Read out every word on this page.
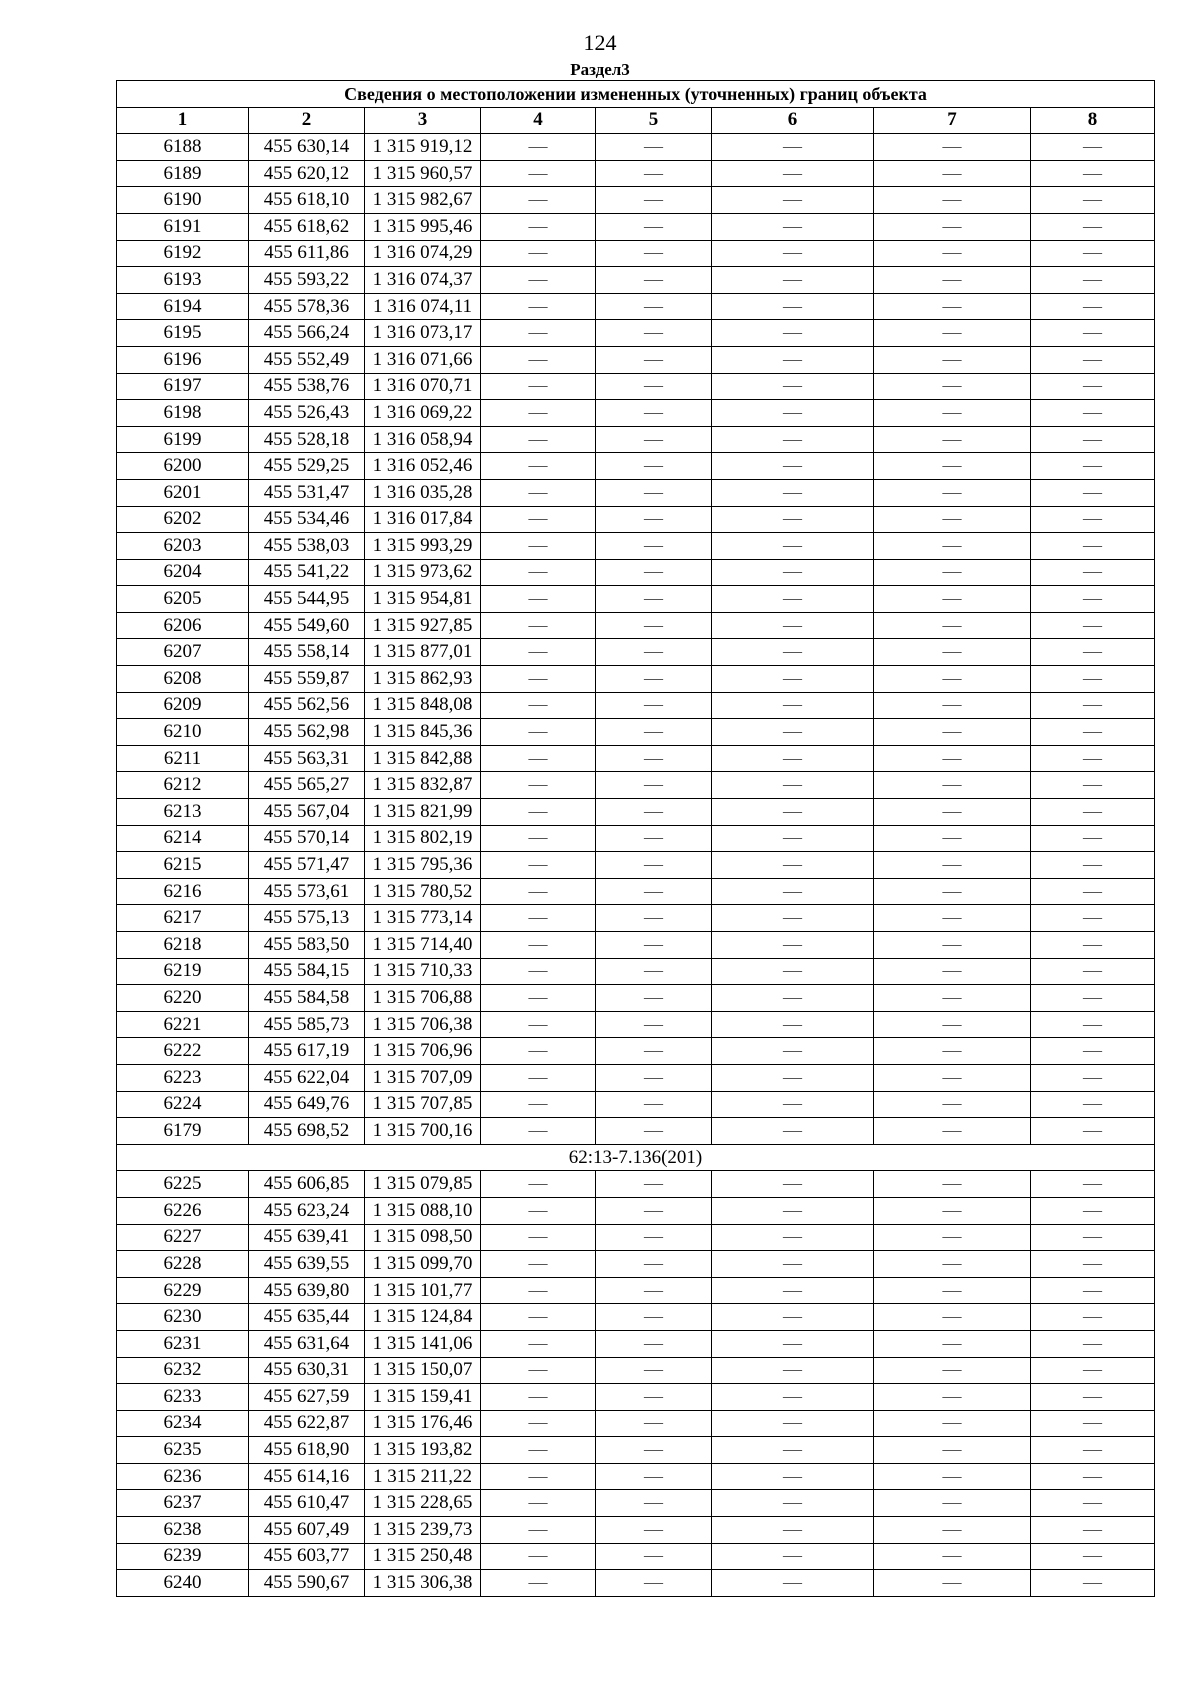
124
Раздел3
Сведения о местоположении измененных (уточненных) границ объекта							
1	2	3	4	5	6	7	8
6188	455 630,14	1 315 919,12	—	—	—	—	—
6189	455 620,12	1 315 960,57	—	—	—	—	—
6190	455 618,10	1 315 982,67	—	—	—	—	—
6191	455 618,62	1 315 995,46	—	—	—	—	—
6192	455 611,86	1 316 074,29	—	—	—	—	—
6193	455 593,22	1 316 074,37	—	—	—	—	—
6194	455 578,36	1 316 074,11	—	—	—	—	—
6195	455 566,24	1 316 073,17	—	—	—	—	—
6196	455 552,49	1 316 071,66	—	—	—	—	—
6197	455 538,76	1 316 070,71	—	—	—	—	—
6198	455 526,43	1 316 069,22	—	—	—	—	—
6199	455 528,18	1 316 058,94	—	—	—	—	—
6200	455 529,25	1 316 052,46	—	—	—	—	—
6201	455 531,47	1 316 035,28	—	—	—	—	—
6202	455 534,46	1 316 017,84	—	—	—	—	—
6203	455 538,03	1 315 993,29	—	—	—	—	—
6204	455 541,22	1 315 973,62	—	—	—	—	—
6205	455 544,95	1 315 954,81	—	—	—	—	—
6206	455 549,60	1 315 927,85	—	—	—	—	—
6207	455 558,14	1 315 877,01	—	—	—	—	—
6208	455 559,87	1 315 862,93	—	—	—	—	—
6209	455 562,56	1 315 848,08	—	—	—	—	—
6210	455 562,98	1 315 845,36	—	—	—	—	—
6211	455 563,31	1 315 842,88	—	—	—	—	—
6212	455 565,27	1 315 832,87	—	—	—	—	—
6213	455 567,04	1 315 821,99	—	—	—	—	—
6214	455 570,14	1 315 802,19	—	—	—	—	—
6215	455 571,47	1 315 795,36	—	—	—	—	—
6216	455 573,61	1 315 780,52	—	—	—	—	—
6217	455 575,13	1 315 773,14	—	—	—	—	—
6218	455 583,50	1 315 714,40	—	—	—	—	—
6219	455 584,15	1 315 710,33	—	—	—	—	—
6220	455 584,58	1 315 706,88	—	—	—	—	—
6221	455 585,73	1 315 706,38	—	—	—	—	—
6222	455 617,19	1 315 706,96	—	—	—	—	—
6223	455 622,04	1 315 707,09	—	—	—	—	—
6224	455 649,76	1 315 707,85	—	—	—	—	—
6179	455 698,52	1 315 700,16	—	—	—	—	—
62:13-7.136(201)							
6225	455 606,85	1 315 079,85	—	—	—	—	—
6226	455 623,24	1 315 088,10	—	—	—	—	—
6227	455 639,41	1 315 098,50	—	—	—	—	—
6228	455 639,55	1 315 099,70	—	—	—	—	—
6229	455 639,80	1 315 101,77	—	—	—	—	—
6230	455 635,44	1 315 124,84	—	—	—	—	—
6231	455 631,64	1 315 141,06	—	—	—	—	—
6232	455 630,31	1 315 150,07	—	—	—	—	—
6233	455 627,59	1 315 159,41	—	—	—	—	—
6234	455 622,87	1 315 176,46	—	—	—	—	—
6235	455 618,90	1 315 193,82	—	—	—	—	—
6236	455 614,16	1 315 211,22	—	—	—	—	—
6237	455 610,47	1 315 228,65	—	—	—	—	—
6238	455 607,49	1 315 239,73	—	—	—	—	—
6239	455 603,77	1 315 250,48	—	—	—	—	—
6240	455 590,67	1 315 306,38	—	—	—	—	—
